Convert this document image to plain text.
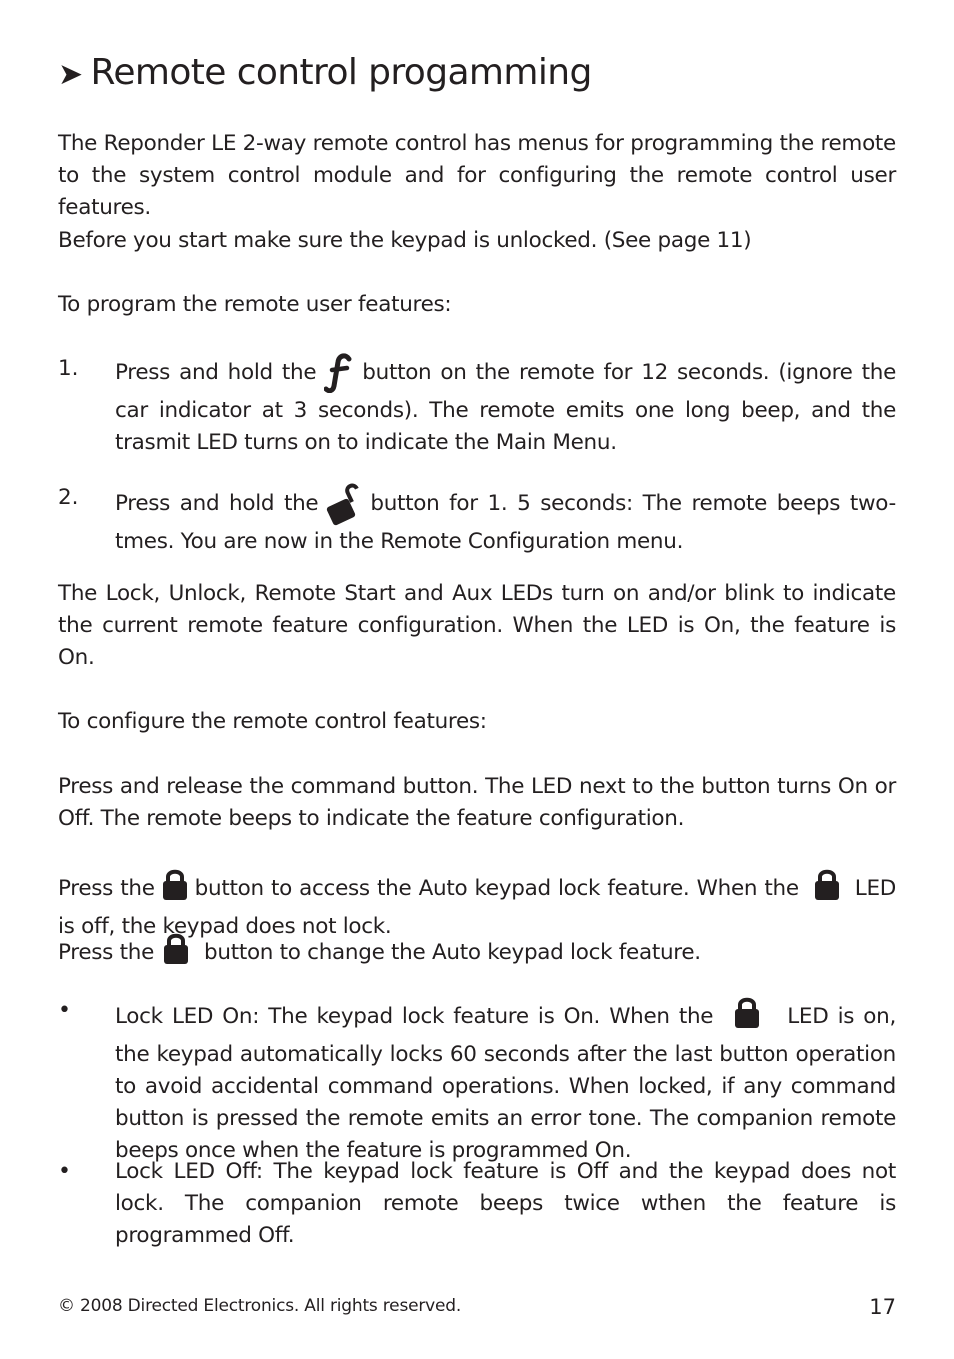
➤ Remote control progamming

The Reponder LE 2-way remote control has menus for programming the remote to the system control module and for configuring the remote control user features.

Before you start make sure the keypad is unlocked. (See page 11)

To program the remote user features:

1. Press and hold the button on the remote for 12 seconds. (ignore the car indicator at 3 seconds). The remote emits one long beep, and the trasmit LED turns on to indicate the Main Menu.

2. Press and hold the button for 1. 5 seconds: The remote beeps two-tmes. You are now in the Remote Configuration menu.

The Lock, Unlock, Remote Start and Aux LEDs turn on and/or blink to indicate the current remote feature configuration. When the LED is On, the feature is On.

To configure the remote control features:

Press and release the command button. The LED next to the button turns On or Off. The remote beeps to indicate the feature configuration.

Press the button to access the Auto keypad lock feature. When the	LED is off, the keypad does not lock.

Press the button to change the Auto keypad lock feature.

• Lock LED On: The keypad lock feature is On. When the	LED is on, the keypad automatically locks 60 seconds after the last button operation to avoid accidental command operations. When locked, if any command button is pressed the remote emits an error tone. The companion remote beeps once when the feature is programmed On.

• Lock LED Off: The keypad lock feature is Off and the keypad does not lock. The companion remote beeps twice wthen the feature is programmed Off.

© 2008 Directed Electronics. All rights reserved.	17
